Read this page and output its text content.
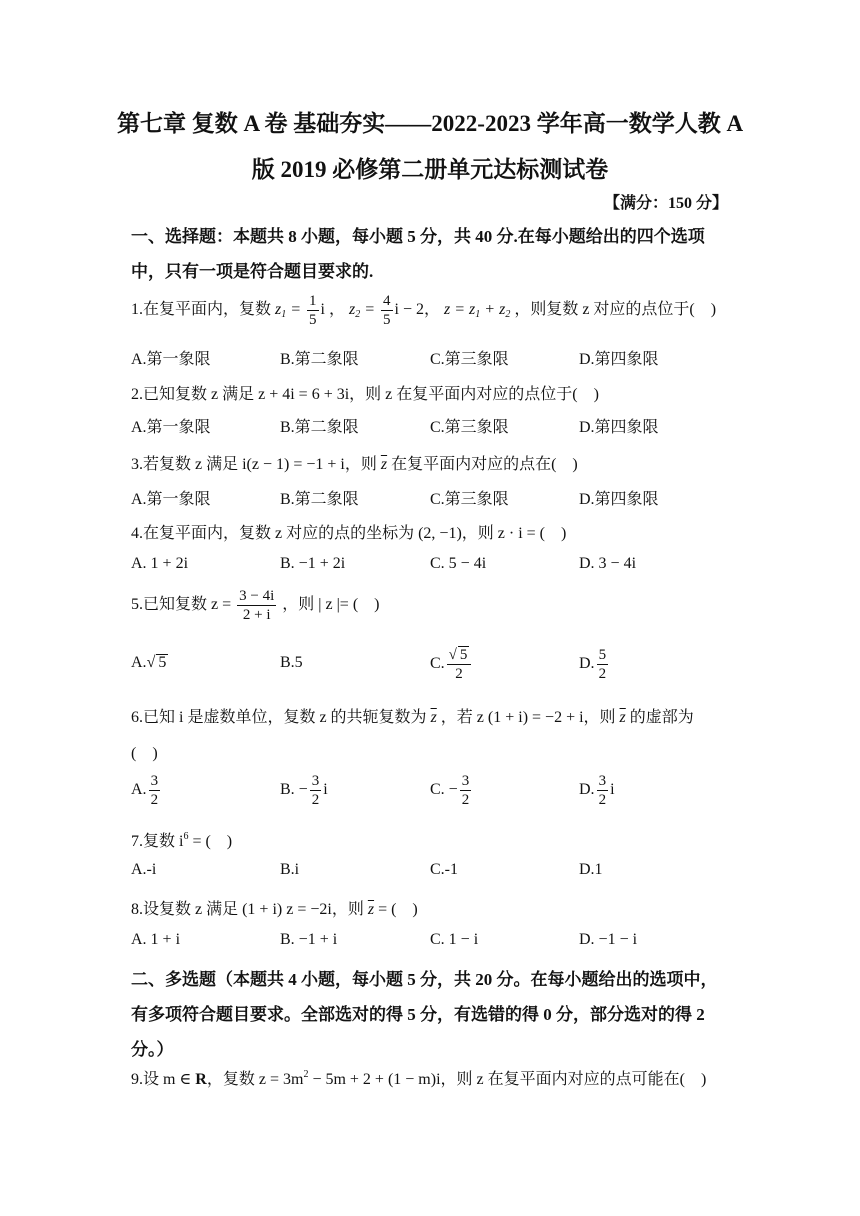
第七章 复数 A 卷 基础夯实——2022-2023 学年高一数学人教 A
版 2019 必修第二册单元达标测试卷
【满分：150 分】
一、选择题：本题共 8 小题，每小题 5 分，共 40 分.在每小题给出的四个选项中，只有一项是符合题目要求的.
1.在复平面内，复数 $z_1 = \frac{1}{5}$ i ， $z_2 = \frac{4}{5}$ i − 2， $z = z_1 + z_2$ ，则复数 z 对应的点位于(　)
A.第一象限	B.第二象限	C.第三象限	D.第四象限
2.已知复数 z 满足 z + 4i = 6 + 3i，则 z 在复平面内对应的点位于(　)
A.第一象限	B.第二象限	C.第三象限	D.第四象限
3.若复数 z 满足 i(z − 1) = −1 + i，则 $\overline{z}$ 在复平面内对应的点在(　)
A.第一象限	B.第二象限	C.第三象限	D.第四象限
4.在复平面内，复数 z 对应的点的坐标为 (2, −1)，则 z · i = (　)
A. 1 + 2i	B. −1 + 2i	C. 5 − 4i	D. 3 − 4i
5.已知复数 $z = \frac{3 - 4i}{2 + i}$ ，则 | z |= (　)
A.√ 5	B.5	C. $\frac{√ 5}{2}$	D. $\frac{5}{2}$
6.已知 i 是虚数单位，复数 z 的共轭复数为 $\overline{z}$ ，若 z (1 + i) = −2 + i，则 $\overline{z}$ 的虚部为
(　)
A. $\frac{3}{2}$	B. − $\frac{3}{2}$ i	C. − $\frac{3}{2}$	D. $\frac{3}{2}$ i
7.复数 $i^6$ = (　)
A.-i	B.i	C.-1	D.1
8.设复数 z 满足 (1 + i) z = −2i，则 $\overline{z}$ = (　)
A. 1 + i	B. −1 + i	C. 1 − i	D. −1 − i
二、多选题（本题共 4 小题，每小题 5 分，共 20 分。在每小题给出的选项中，有多项符合题目要求。全部选对的得 5 分，有选错的得 0 分，部分选对的得 2 分。）
9.设 m ∈ R，复数 $z = 3m^2 - 5m + 2 + (1 - m)i$，则 z 在复平面内对应的点可能在(　)
